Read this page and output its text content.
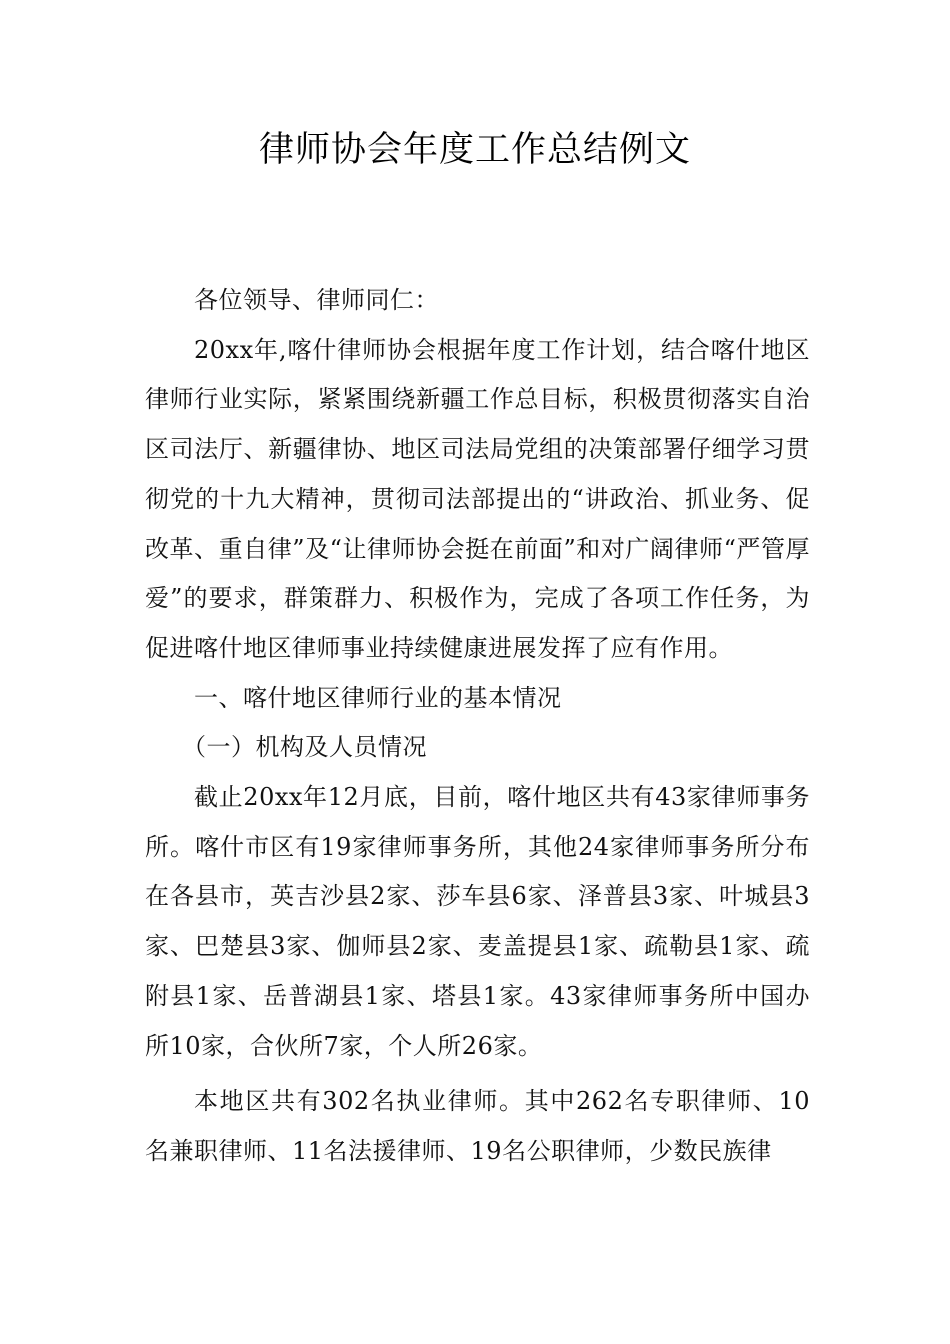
律师协会年度工作总结例文

各位领导、律师同仁：

20xx年,喀什律师协会根据年度工作计划，结合喀什地区律师行业实际，紧紧围绕新疆工作总目标，积极贯彻落实自治区司法厅、新疆律协、地区司法局党组的决策部署仔细学习贯彻党的十九大精神，贯彻司法部提出的“讲政治、抓业务、促改革、重自律”及“让律师协会挺在前面”和对广阔律师“严管厚爱”的要求，群策群力、积极作为，完成了各项工作任务，为促进喀什地区律师事业持续健康进展发挥了应有作用。

一、喀什地区律师行业的基本情况

（一）机构及人员情况

截止20xx年12月底，目前，喀什地区共有43家律师事务所。喀什市区有19家律师事务所，其他24家律师事务所分布在各县市，英吉沙县2家、莎车县6家、泽普县3家、叶城县3家、巴楚县3家、伽师县2家、麦盖提县1家、疏勒县1家、疏附县1家、岳普湖县1家、塔县1家。43家律师事务所中国办所10家，合伙所7家，个人所26家。

本地区共有302名执业律师。其中262名专职律师、10名兼职律师、11名法援律师、19名公职律师，少数民族律
